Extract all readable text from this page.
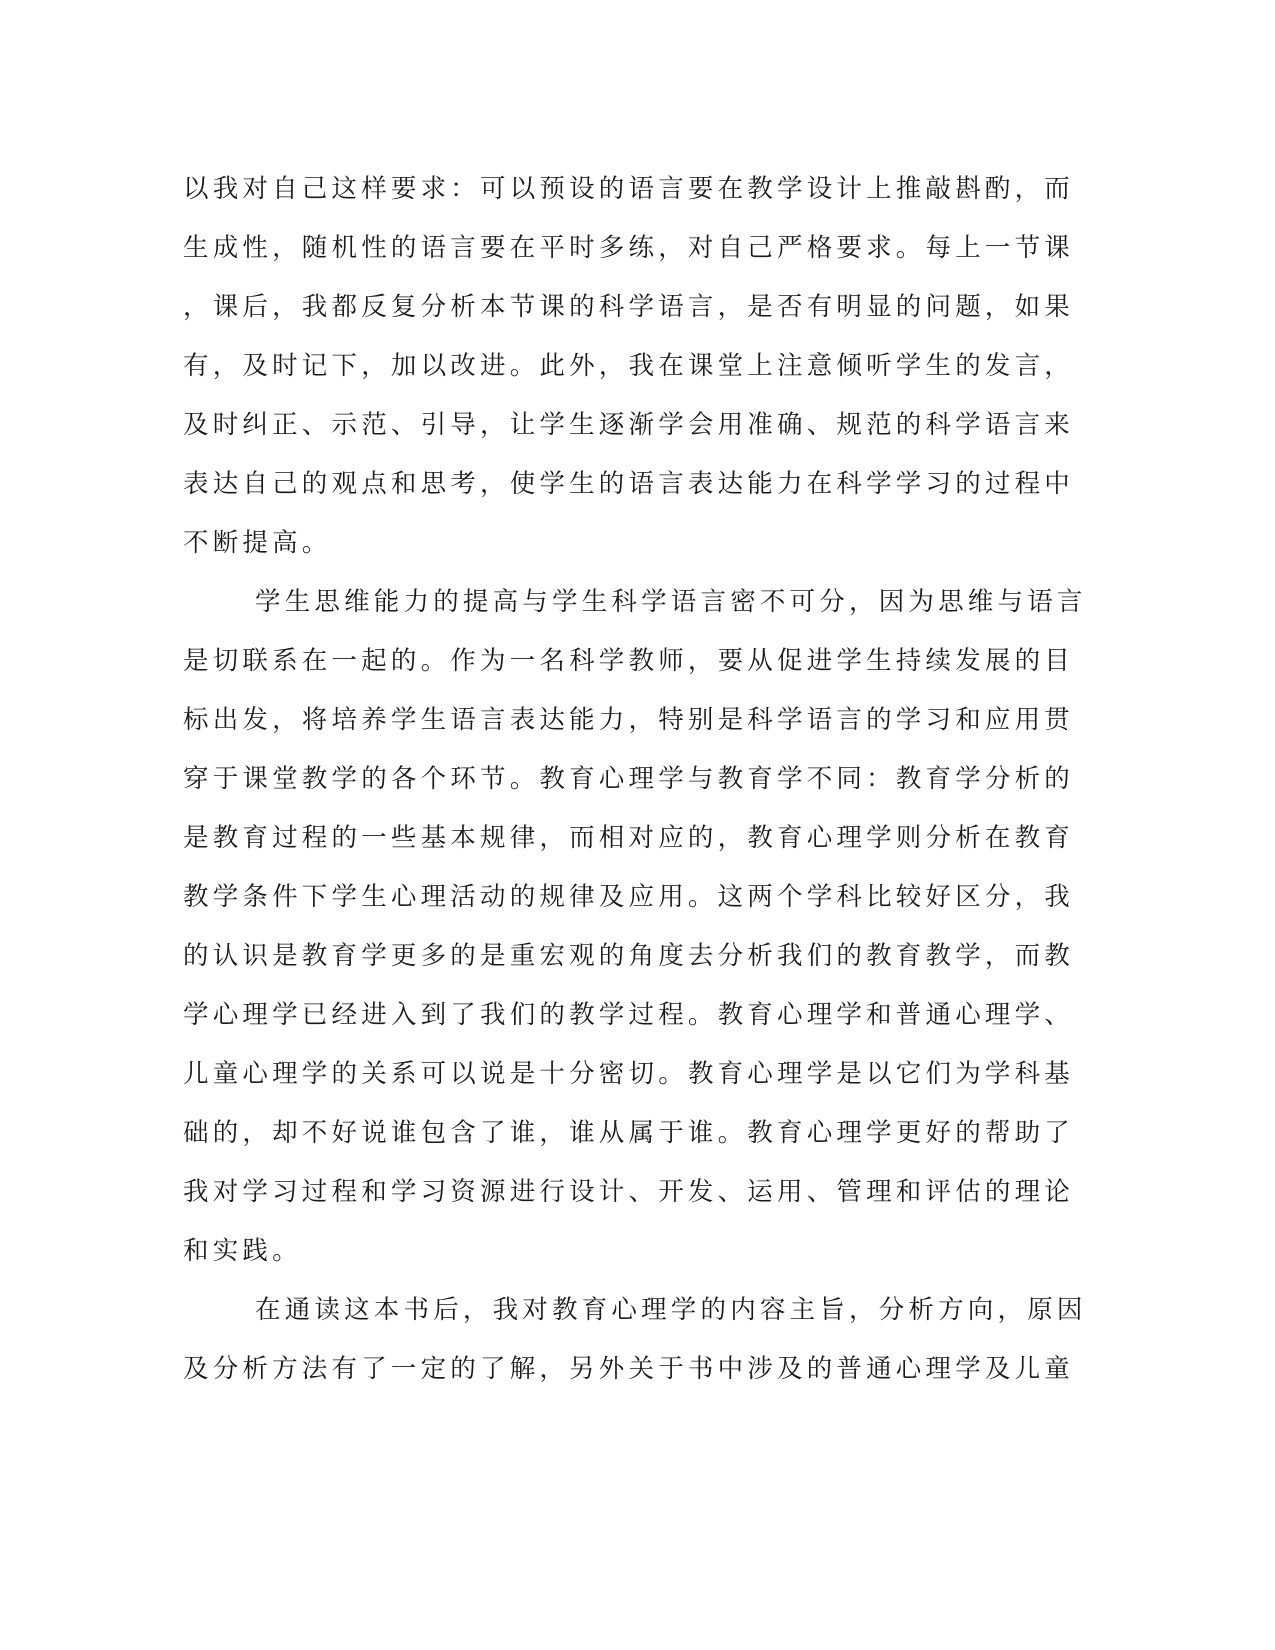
以我对自己这样要求：可以预设的语言要在教学设计上推敲斟酌，而
生成性，随机性的语言要在平时多练，对自己严格要求。每上一节课
，课后，我都反复分析本节课的科学语言，是否有明显的问题，如果
有，及时记下，加以改进。此外，我在课堂上注意倾听学生的发言，
及时纠正、示范、引导，让学生逐渐学会用准确、规范的科学语言来
表达自己的观点和思考，使学生的语言表达能力在科学学习的过程中
不断提高。
学生思维能力的提高与学生科学语言密不可分，因为思维与语言
是切联系在一起的。作为一名科学教师，要从促进学生持续发展的目
标出发，将培养学生语言表达能力，特别是科学语言的学习和应用贯
穿于课堂教学的各个环节。教育心理学与教育学不同：教育学分析的
是教育过程的一些基本规律，而相对应的，教育心理学则分析在教育
教学条件下学生心理活动的规律及应用。这两个学科比较好区分，我
的认识是教育学更多的是重宏观的角度去分析我们的教育教学，而教
学心理学已经进入到了我们的教学过程。教育心理学和普通心理学、
儿童心理学的关系可以说是十分密切。教育心理学是以它们为学科基
础的，却不好说谁包含了谁，谁从属于谁。教育心理学更好的帮助了
我对学习过程和学习资源进行设计、开发、运用、管理和评估的理论
和实践。
在通读这本书后，我对教育心理学的内容主旨，分析方向，原因
及分析方法有了一定的了解，另外关于书中涉及的普通心理学及儿童
